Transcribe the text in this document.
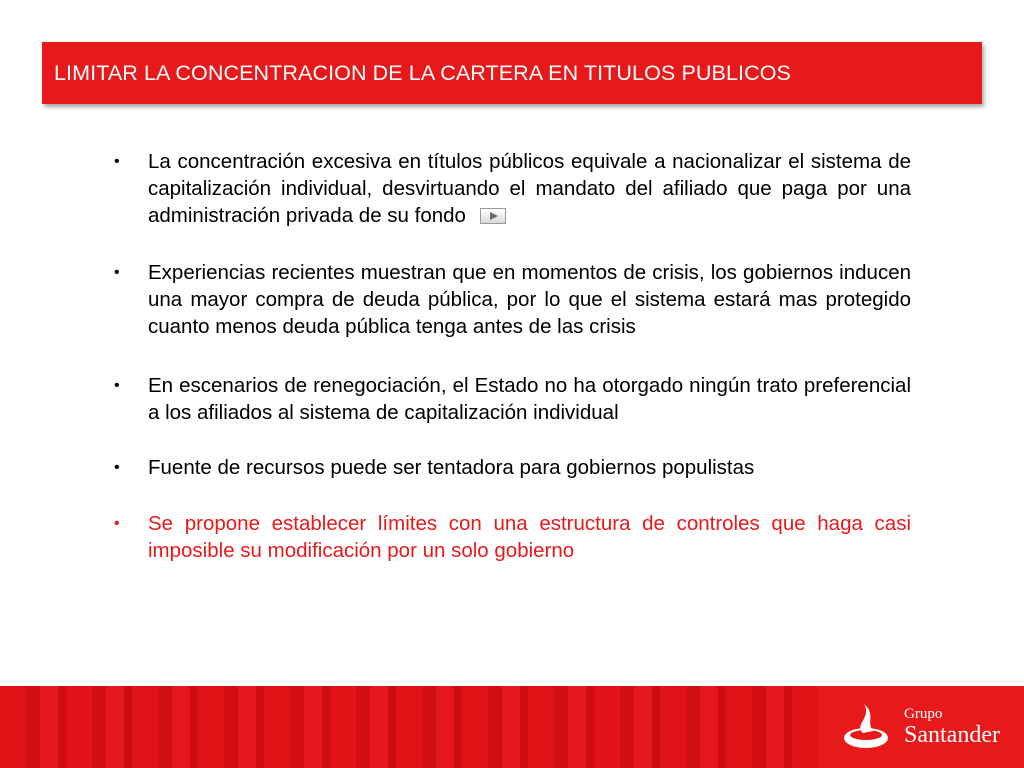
LIMITAR LA CONCENTRACION DE LA CARTERA EN TITULOS PUBLICOS
• La concentración excesiva en títulos públicos equivale a nacionalizar el sistema de capitalización individual, desvirtuando el mandato del afiliado que paga por una administración privada de su fondo
• Experiencias recientes muestran que en momentos de crisis, los gobiernos inducen una mayor compra de deuda pública, por lo que el sistema estará mas protegido cuanto menos deuda pública tenga antes de las crisis
• En escenarios de renegociación, el Estado no ha otorgado ningún trato preferencial a los afiliados al sistema de capitalización individual
• Fuente de recursos puede ser tentadora para gobiernos populistas
• Se propone establecer límites con una estructura de controles que haga casi imposible su modificación por un solo gobierno
Grupo
Santander
